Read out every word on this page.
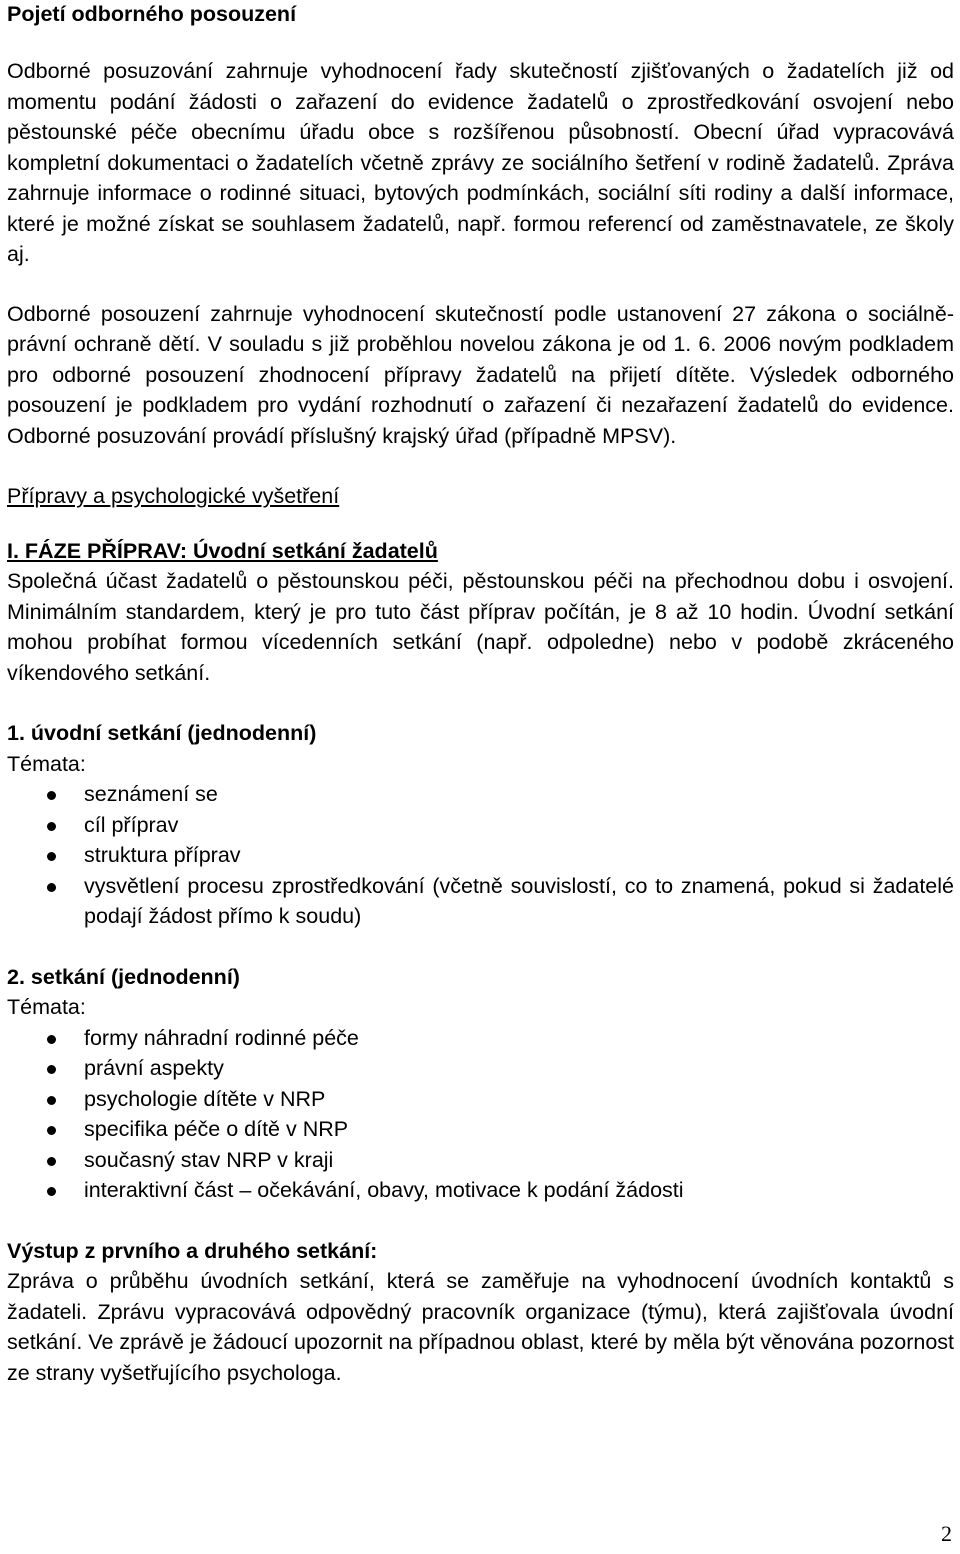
Pojetí odborného posouzení

Odborné posuzování zahrnuje vyhodnocení řady skutečností zjišťovaných o žadatelích již od momentu podání žádosti o zařazení do evidence žadatelů o zprostředkování osvojení nebo pěstounské péče obecnímu úřadu obce s rozšířenou působností. Obecní úřad vypracovává kompletní dokumentaci o žadatelích včetně zprávy ze sociálního šetření v rodině žadatelů. Zpráva zahrnuje informace o rodinné situaci, bytových podmínkách, sociální síti rodiny a další informace, které je možné získat se souhlasem žadatelů, např. formou referencí od zaměstnavatele, ze školy aj.

Odborné posouzení zahrnuje vyhodnocení skutečností podle ustanovení 27 zákona o sociálně-právní ochraně dětí. V souladu s již proběhlou novelou zákona je od 1. 6. 2006 novým podkladem pro odborné posouzení zhodnocení přípravy žadatelů na přijetí dítěte. Výsledek odborného posouzení je podkladem pro vydání rozhodnutí o zařazení či nezařazení žadatelů do evidence. Odborné posuzování provádí příslušný krajský úřad (případně MPSV).

Přípravy a psychologické vyšetření
I. FÁZE PŘÍPRAV: Úvodní setkání žadatelů

Společná účast žadatelů o pěstounskou péči, pěstounskou péči na přechodnou dobu i osvojení. Minimálním standardem, který je pro tuto část příprav počítán, je 8 až 10 hodin. Úvodní setkání mohou probíhat formou vícedenních setkání (např. odpoledne) nebo v podobě zkráceného víkendového setkání.

1. úvodní setkání (jednodenní)
Témata:
seznámení se
cíl příprav
struktura příprav
vysvětlení procesu zprostředkování (včetně souvislostí, co to znamená, pokud si žadatelé podají žádost přímo k soudu)
2. setkání (jednodenní)
Témata:
formy náhradní rodinné péče
právní aspekty
psychologie dítěte v NRP
specifika péče o dítě v NRP
současný stav NRP v kraji
interaktivní část – očekávání, obavy, motivace k podání žádosti
Výstup z prvního a druhého setkání:

Zpráva o průběhu úvodních setkání, která se zaměřuje na vyhodnocení úvodních kontaktů s žadateli. Zprávu vypracovává odpovědný pracovník organizace (týmu), která zajišťovala úvodní setkání. Ve zprávě je žádoucí upozornit na případnou oblast, které by měla být věnována pozornost ze strany vyšetřujícího psychologa.

2
